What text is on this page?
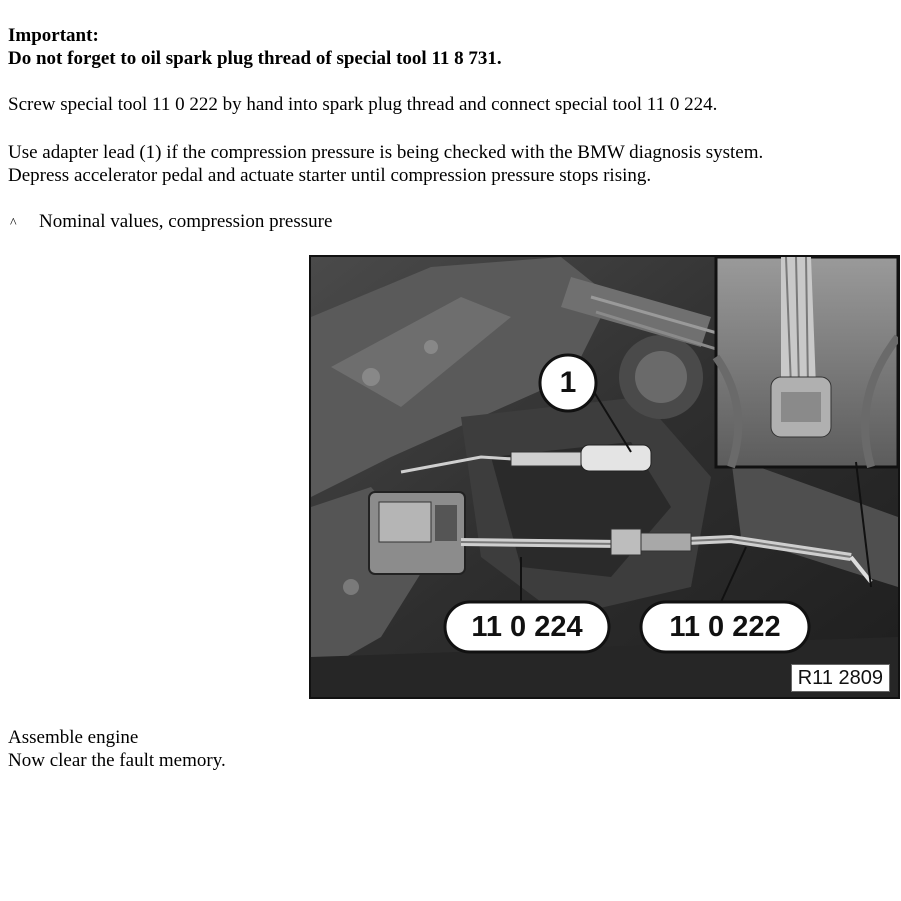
Important:
Do not forget to oil spark plug thread of special tool 11 8 731.
Screw special tool 11 0 222 by hand into spark plug thread and connect special tool 11 0 224.
Use adapter lead (1) if the compression pressure is being checked with the BMW diagnosis system.
Depress accelerator pedal and actuate starter until compression pressure stops rising.
^ Nominal values, compression pressure
1
11 0 224	11 0 222
R11 2809
Assemble engine
Now clear the fault memory.
